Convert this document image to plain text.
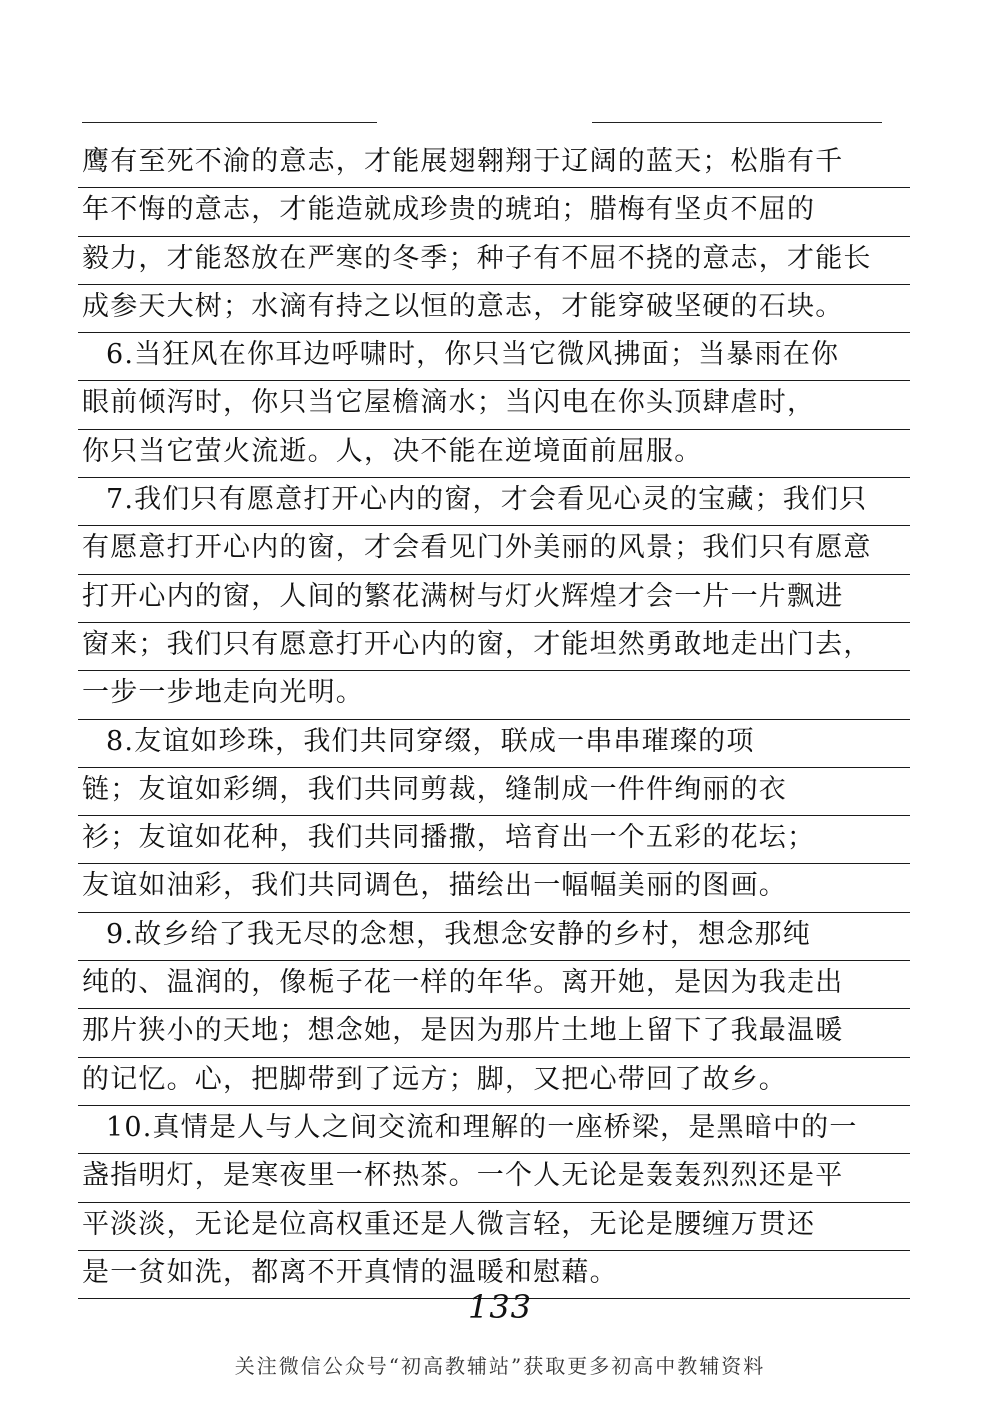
鹰有至死不渝的意志，才能展翅翱翔于辽阔的蓝天；松脂有千
年不悔的意志，才能造就成珍贵的琥珀；腊梅有坚贞不屈的
毅力，才能怒放在严寒的冬季；种子有不屈不挠的意志，才能长
成参天大树；水滴有持之以恒的意志，才能穿破坚硬的石块。
6.当狂风在你耳边呼啸时，你只当它微风拂面；当暴雨在你
眼前倾泻时，你只当它屋檐滴水；当闪电在你头顶肆虐时，
你只当它萤火流逝。人，决不能在逆境面前屈服。
7.我们只有愿意打开心内的窗，才会看见心灵的宝藏；我们只
有愿意打开心内的窗，才会看见门外美丽的风景；我们只有愿意
打开心内的窗，人间的繁花满树与灯火辉煌才会一片一片飘进
窗来；我们只有愿意打开心内的窗，才能坦然勇敢地走出门去，
一步一步地走向光明。
8.友谊如珍珠，我们共同穿缀，联成一串串璀璨的项
链；友谊如彩绸，我们共同剪裁，缝制成一件件绚丽的衣
衫；友谊如花种，我们共同播撒，培育出一个五彩的花坛；
友谊如油彩，我们共同调色，描绘出一幅幅美丽的图画。
9.故乡给了我无尽的念想，我想念安静的乡村，想念那纯
纯的、温润的，像栀子花一样的年华。离开她，是因为我走出
那片狭小的天地；想念她，是因为那片土地上留下了我最温暖
的记忆。心，把脚带到了远方；脚，又把心带回了故乡。
10.真情是人与人之间交流和理解的一座桥梁，是黑暗中的一
盏指明灯，是寒夜里一杯热茶。一个人无论是轰轰烈烈还是平
平淡淡，无论是位高权重还是人微言轻，无论是腰缠万贯还
是一贫如洗，都离不开真情的温暖和慰藉。
133
关注微信公众号“初高教辅站”获取更多初高中教辅资料
